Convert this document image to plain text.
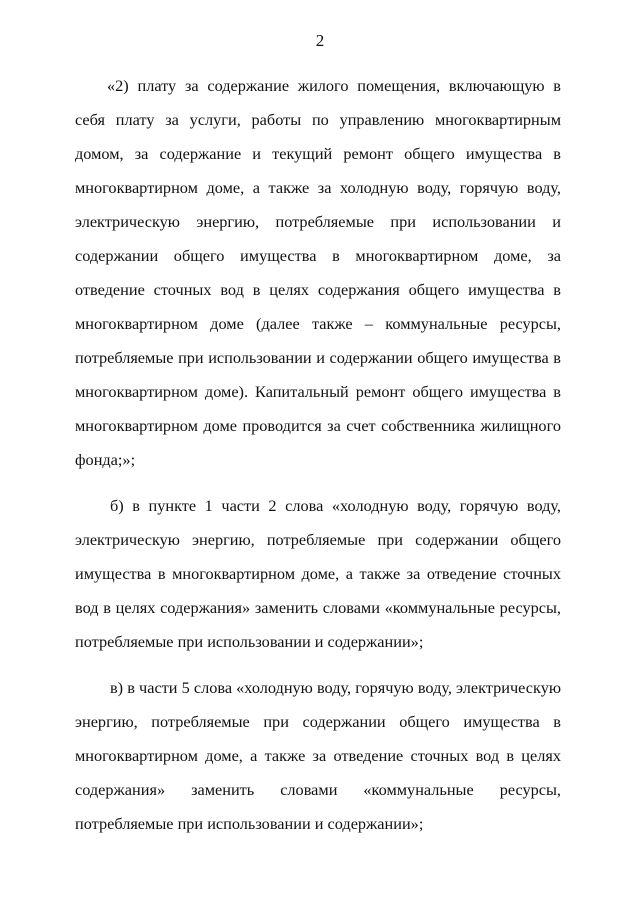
2

«2) плату за содержание жилого помещения, включающую в себя плату за услуги, работы по управлению многоквартирным домом, за содержание и текущий ремонт общего имущества в многоквартирном доме, а также за холодную воду, горячую воду, электрическую энергию, потребляемые при использовании и содержании общего имущества в многоквартирном доме, за отведение сточных вод в целях содержания общего имущества в многоквартирном доме (далее также – коммунальные ресурсы, потребляемые при использовании и содержании общего имущества в многоквартирном доме). Капитальный ремонт общего имущества в многоквартирном доме проводится за счет собственника жилищного фонда;»;

б) в пункте 1 части 2 слова «холодную воду, горячую воду, электрическую энергию, потребляемые при содержании общего имущества в многоквартирном доме, а также за отведение сточных вод в целях содержания» заменить словами «коммунальные ресурсы, потребляемые при использовании и содержании»;

в) в части 5 слова «холодную воду, горячую воду, электрическую энергию, потребляемые при содержании общего имущества в многоквартирном доме, а также за отведение сточных вод в целях содержания» заменить словами «коммунальные ресурсы, потребляемые при использовании и содержании»;
